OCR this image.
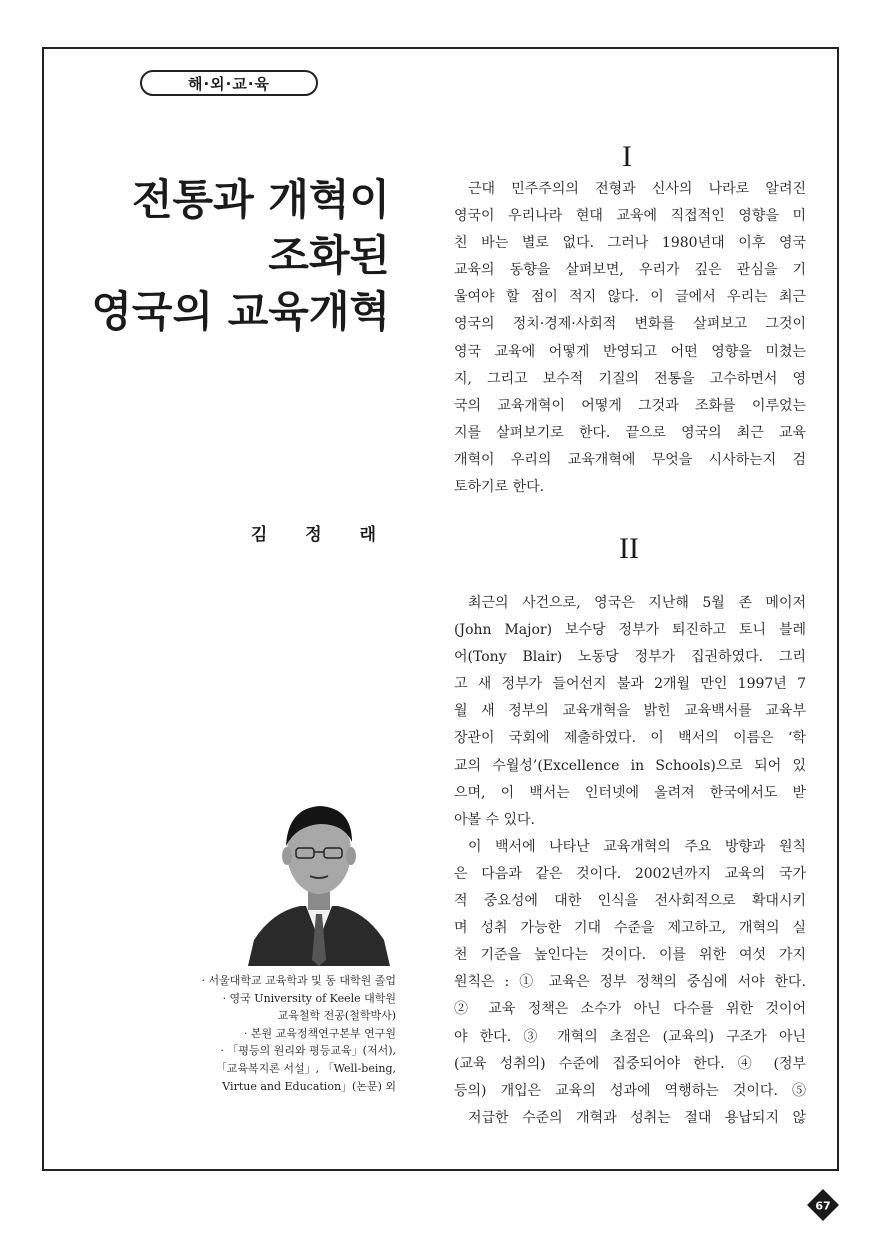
해·외·교·육
전통과 개혁이
조화된
영국의 교육개혁
김 정 래
· 서울대학교 교육학과 및 동 대학원 졸업
· 영국 University of Keele 대학원
교육철학 전공(철학박사)
· 본원 교육정책연구본부 연구원
· 「평등의 원리와 평등교육」(저서),
「교육복지론 서설」, 「Well-being,
Virtue and Education」(논문) 외
I
근대 민주주의의 전형과 신사의 나라로 알려진
영국이 우리나라 현대 교육에 직접적인 영향을 미
친 바는 별로 없다. 그러나 1980년대 이후 영국
교육의 동향을 살펴보면, 우리가 깊은 관심을 기
울여야 할 점이 적지 않다. 이 글에서 우리는 최근
영국의 정치·경제·사회적 변화를 살펴보고 그것이
영국 교육에 어떻게 반영되고 어떤 영향을 미쳤는
지, 그리고 보수적 기질의 전통을 고수하면서 영
국의 교육개혁이 어떻게 그것과 조화를 이루었는
지를 살펴보기로 한다. 끝으로 영국의 최근 교육
개혁이 우리의 교육개혁에 무엇을 시사하는지 검
토하기로 한다.
II
최근의 사건으로, 영국은 지난해 5월 존 메이저
(John Major) 보수당 정부가 퇴진하고 토니 블레
어(Tony Blair) 노동당 정부가 집권하였다. 그리
고 새 정부가 들어선지 불과 2개월 만인 1997년 7
월 새 정부의 교육개혁을 밝힌 교육백서를 교육부
장관이 국회에 제출하였다. 이 백서의 이름은 ‘학
교의 수월성’(Excellence in Schools)으로 되어 있
으며, 이 백서는 인터넷에 올려져 한국에서도 받
아볼 수 있다.
이 백서에 나타난 교육개혁의 주요 방향과 원칙
은 다음과 같은 것이다. 2002년까지 교육의 국가
적 중요성에 대한 인식을 전사회적으로 확대시키
며 성취 가능한 기대 수준을 제고하고, 개혁의 실
천 기준을 높인다는 것이다. 이를 위한 여섯 가지
원칙은 : ① 교육은 정부 정책의 중심에 서야 한다.
② 교육 정책은 소수가 아닌 다수를 위한 것이어
야 한다. ③ 개혁의 초점은 (교육의) 구조가 아닌
(교육 성취의) 수준에 집중되어야 한다. ④ (정부
등의) 개입은 교육의 성과에 역행하는 것이다. ⑤
저급한 수준의 개혁과 성취는 절대 용납되지 않
67
